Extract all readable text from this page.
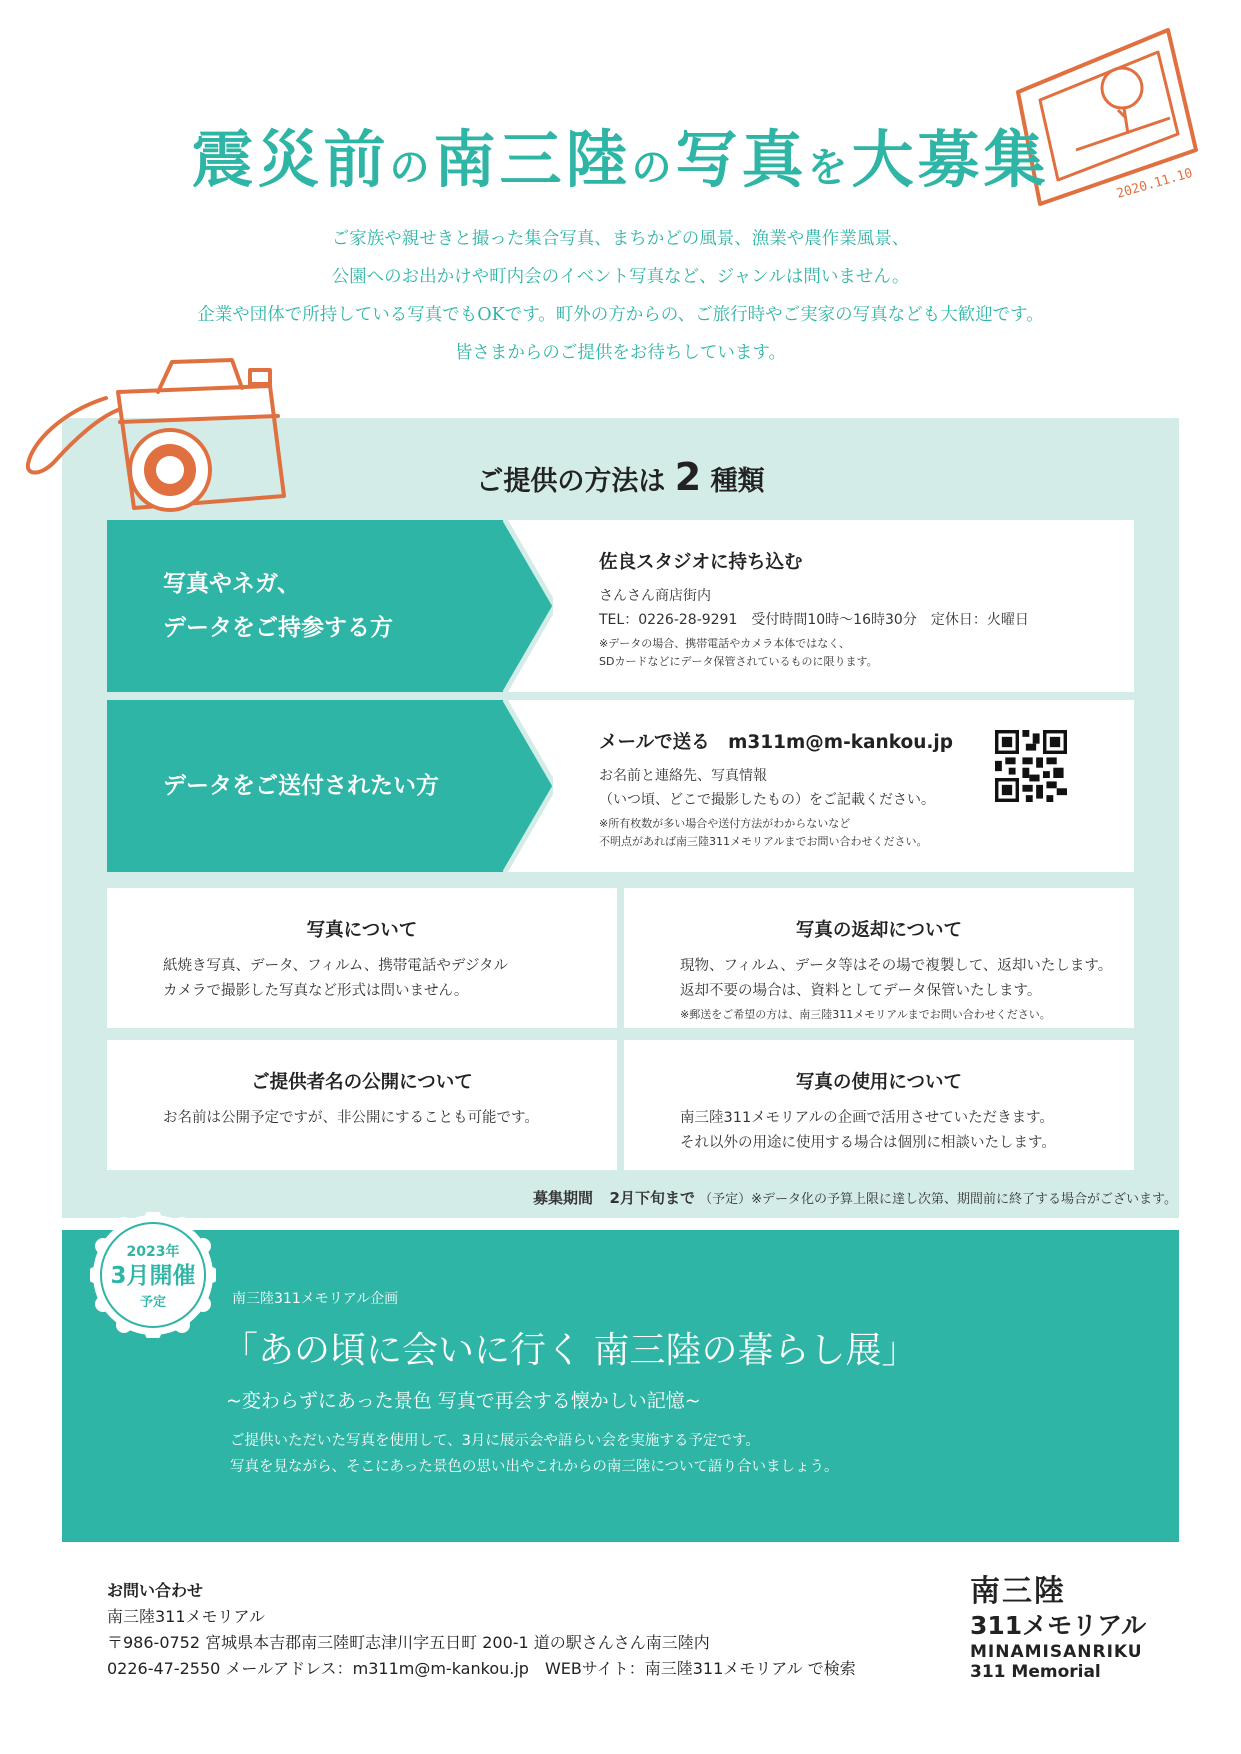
2020.11.10
震災前の南三陸の写真を大募集
ご家族や親せきと撮った集合写真、まちかどの風景、漁業や農作業風景、
公園へのお出かけや町内会のイベント写真など、ジャンルは問いません。
企業や団体で所持している写真でもOKです。町外の方からの、ご旅行時やご実家の写真なども大歓迎です。
皆さまからのご提供をお待ちしています。
ご提供の方法は 2 種類
写真やネガ、
データをご持参する方
佐良スタジオに持ち込む
さんさん商店街内
TEL：0226-28-9291　受付時間10時～16時30分　定休日：火曜日
※データの場合、携帯電話やカメラ本体ではなく、
SDカードなどにデータ保管されているものに限ります。
データをご送付されたい方
メールで送る　m311m@m-kankou.jp
お名前と連絡先、写真情報
（いつ頃、どこで撮影したもの）をご記載ください。
※所有枚数が多い場合や送付方法がわからないなど
不明点があれば南三陸311メモリアルまでお問い合わせください。
写真について
紙焼き写真、データ、フィルム、携帯電話やデジタル
カメラで撮影した写真など形式は問いません。
写真の返却について
現物、フィルム、データ等はその場で複製して、返却いたします。
返却不要の場合は、資料としてデータ保管いたします。
※郵送をご希望の方は、南三陸311メモリアルまでお問い合わせください。
ご提供者名の公開について
お名前は公開予定ですが、非公開にすることも可能です。
写真の使用について
南三陸311メモリアルの企画で活用させていただきます。
それ以外の用途に使用する場合は個別に相談いたします。
募集期間 2月下旬まで （予定）※データ化の予算上限に達し次第、期間前に終了する場合がございます。
2023年
3月開催
予定	南三陸311メモリアル企画
「あの頃に会いに行く 南三陸の暮らし展」
~変わらずにあった景色 写真で再会する懐かしい記憶~
ご提供いただいた写真を使用して、3月に展示会や語らい会を実施する予定です。
写真を見ながら、そこにあった景色の思い出やこれからの南三陸について語り合いましょう。
お問い合わせ
南三陸311メモリアル
〒986-0752 宮城県本吉郡南三陸町志津川字五日町 200-1 道の駅さんさん南三陸内
0226-47-2550 メールアドレス：m311m@m-kankou.jp　WEBサイト：南三陸311メモリアル で検索
南三陸
311メモリアル
MINAMISANRIKU
311 Memorial
